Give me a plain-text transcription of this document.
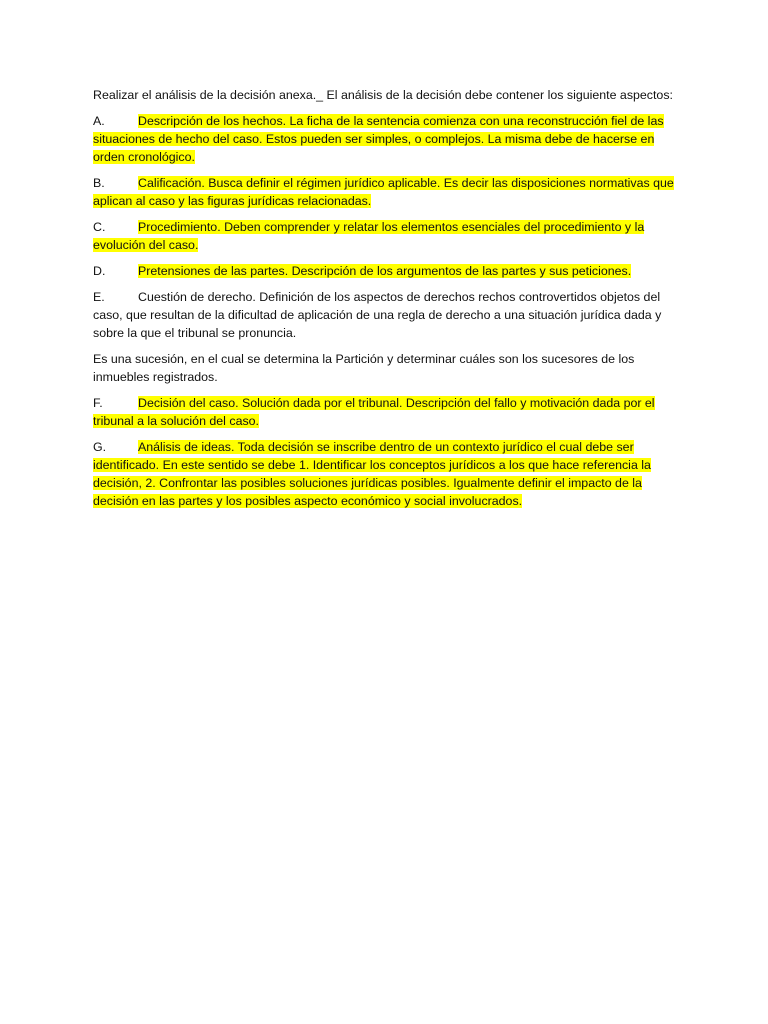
Realizar el análisis de la decisión anexa._ El análisis de la decisión debe contener los siguiente aspectos:

A.	Descripción de los hechos. La ficha de la sentencia comienza con una reconstrucción fiel de las situaciones de hecho del caso. Estos pueden ser simples, o complejos. La misma debe de hacerse en orden cronológico.
B.	Calificación. Busca definir el régimen jurídico aplicable. Es decir las disposiciones normativas que aplican al caso y las figuras jurídicas relacionadas.
C.	Procedimiento. Deben comprender y relatar los elementos esenciales del procedimiento y la evolución del caso.
D.	Pretensiones de las partes. Descripción de los argumentos de las partes y sus peticiones.
E.	Cuestión de derecho. Definición de los aspectos de derechos rechos controvertidos objetos del caso, que resultan de la dificultad de aplicación de una regla de derecho a una situación jurídica dada y sobre la que el tribunal se pronuncia.

Es una sucesión, en el cual se determina la Partición y determinar cuáles son los sucesores de los inmuebles registrados.

F.	Decisión del caso. Solución dada por el tribunal. Descripción del fallo y motivación dada por el tribunal a la solución del caso.
G.	Análisis de ideas. Toda decisión se inscribe dentro de un contexto jurídico el cual debe ser identificado. En este sentido se debe 1. Identificar los conceptos jurídicos a los que hace referencia la decisión, 2. Confrontar las posibles soluciones jurídicas posibles. Igualmente definir el impacto de la decisión en las partes y los posibles aspecto económico y social involucrados.
